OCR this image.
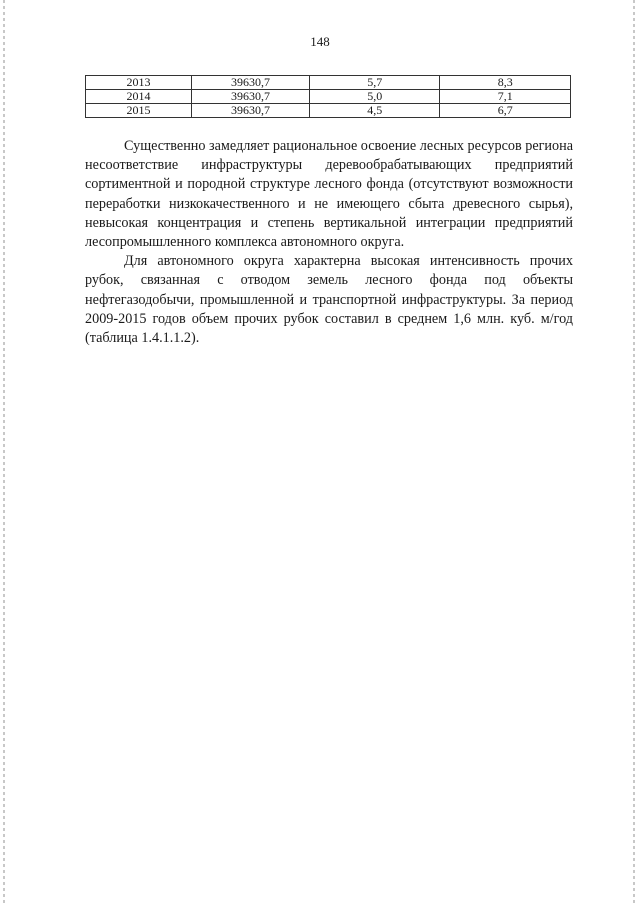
148
2013	39630,7	5,7	8,3
2014	39630,7	5,0	7,1
2015	39630,7	4,5	6,7

Существенно замедляет рациональное освоение лесных ресурсов региона несоответствие инфраструктуры деревообрабатывающих предприятий сортиментной и породной структуре лесного фонда (отсутствуют возможности переработки низкокачественного и не имеющего сбыта древесного сырья), невысокая концентрация и степень вертикальной интеграции предприятий лесопромышленного комплекса автономного округа.

Для автономного округа характерна высокая интенсивность прочих рубок, связанная с отводом земель лесного фонда под объекты нефтегазодобычи, промышленной и транспортной инфраструктуры. За период 2009-2015 годов объем прочих рубок составил в среднем 1,6 млн. куб. м/год (таблица 1.4.1.1.2).
